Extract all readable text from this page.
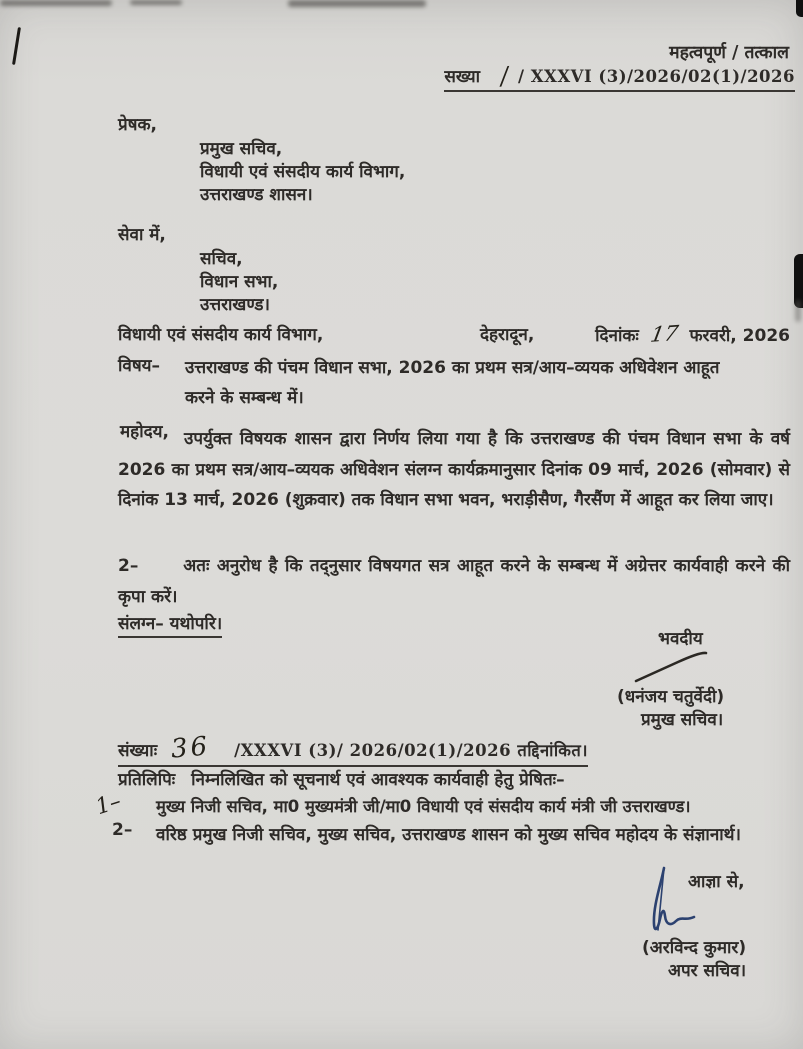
महत्वपूर्ण / तत्काल
सख्या ∕ / XXXVI (3)/2026/02(1)/2026
प्रेषक,
प्रमुख सचिव,
विधायी एवं संसदीय कार्य विभाग,
उत्तराखण्ड शासन।
सेवा में,
सचिव,
विधान सभा,
उत्तराखण्ड।
विधायी एवं संसदीय कार्य विभाग,	देहरादून,	दिनांकः 17 फरवरी, 2026
विषय– उत्तराखण्ड की पंचम विधान सभा, 2026 का प्रथम सत्र/आय–व्ययक अधिवेशन आहूत
करने के सम्बन्ध में।
महोदय, उपर्युक्त विषयक शासन द्वारा निर्णय लिया गया है कि उत्तराखण्ड की पंचम विधान सभा के वर्ष 2026 का प्रथम सत्र/आय–व्ययक अधिवेशन संलग्न कार्यक्रमानुसार दिनांक 09 मार्च, 2026 (सोमवार) से दिनांक 13 मार्च, 2026 (शुक्रवार) तक विधान सभा भवन, भराड़ीसैण, गैरसैंण में आहूत कर लिया जाए।

2–	अतः अनुरोध है कि तद्नुसार विषयगत सत्र आहूत करने के सम्बन्ध में अग्रेत्तर कार्यवाही करने की कृपा करें।

संलग्न– यथोपरि।
भवदीय
(धनंजय चतुर्वेदी)
प्रमुख सचिव।
संख्याः 36 /XXXVI (3)/ 2026/02(1)/2026 तद्दिनांकित।
प्रतिलिपिः निम्नलिखित को सूचनार्थ एवं आवश्यक कार्यवाही हेतु प्रेषितः–
1– मुख्य निजी सचिव, मा0 मुख्यमंत्री जी/मा0 विधायी एवं संसदीय कार्य मंत्री जी उत्तराखण्ड।
2– वरिष्ठ प्रमुख निजी सचिव, मुख्य सचिव, उत्तराखण्ड शासन को मुख्य सचिव महोदय के संज्ञानार्थ।
आज्ञा से,
(अरविन्द कुमार)
अपर सचिव।
